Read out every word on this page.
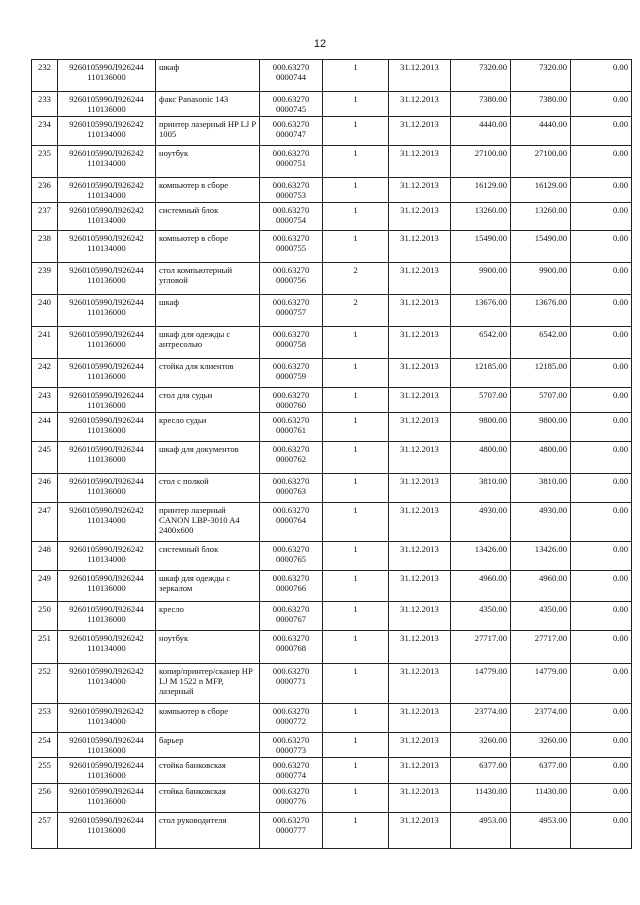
12
232	9260105990Л926244
110136000	шкаф	000.63270
0000744	1	31.12.2013	7320.00	7320.00	0.00
233	9260105990Л926244
110136000	факс Panasonic 143	000.63270
0000745	1	31.12.2013	7380.00	7380.00	0.00
234	9260105990Л926242
110134000	принтер лазерный HP LJ P 1005	000.63270
0000747	1	31.12.2013	4440.00	4440.00	0.00
235	9260105990Л926242
110134000	ноутбук	000.63270
0000751	1	31.12.2013	27100.00	27100.00	0.00
236	9260105990Л926242
110134000	компьютер в сборе	000.63270
0000753	1	31.12.2013	16129.00	16129.00	0.00
237	9260105990Л926242
110134000	системный блок	000.63270
0000754	1	31.12.2013	13260.00	13260.00	0.00
238	9260105990Л926242
110134000	компьютер в сборе	000.63270
0000755	1	31.12.2013	15490.00	15490.00	0.00
239	9260105990Л926244
110136000	стол компьютерный угловой	000.63270
0000756	2	31.12.2013	9900.00	9900.00	0.00
240	9260105990Л926244
110136000	шкаф	000.63270
0000757	2	31.12.2013	13676.00	13676.00	0.00
241	9260105990Л926244
110136000	шкаф для одежды с антресолью	000.63270
0000758	1	31.12.2013	6542.00	6542.00	0.00
242	9260105990Л926244
110136000	стойка для клиентов	000.63270
0000759	1	31.12.2013	12185.00	12185.00	0.00
243	9260105990Л926244
110136000	стол для судьи	000.63270
0000760	1	31.12.2013	5707.00	5707.00	0.00
244	9260105990Л926244
110136000	кресло судьи	000.63270
0000761	1	31.12.2013	9800.00	9800.00	0.00
245	9260105990Л926244
110136000	шкаф для документов	000.63270
0000762	1	31.12.2013	4800.00	4800.00	0.00
246	9260105990Л926244
110136000	стол с полкой	000.63270
0000763	1	31.12.2013	3810.00	3810.00	0.00
247	9260105990Л926242
110134000	принтер лазерный CANON LBP-3010 A4 2400x600	000.63270
0000764	1	31.12.2013	4930.00	4930.00	0.00
248	9260105990Л926242
110134000	системный блок	000.63270
0000765	1	31.12.2013	13426.00	13426.00	0.00
249	9260105990Л926244
110136000	шкаф для одежды с зеркалом	000.63270
0000766	1	31.12.2013	4960.00	4960.00	0.00
250	9260105990Л926244
110136000	кресло	000.63270
0000767	1	31.12.2013	4350.00	4350.00	0.00
251	9260105990Л926242
110134000	ноутбук	000.63270
0000768	1	31.12.2013	27717.00	27717.00	0.00
252	9260105990Л926242
110134000	копир/принтер/сканер HP LJ M 1522 n MFP, лазерный	000.63270
0000771	1	31.12.2013	14779.00	14779.00	0.00
253	9260105990Л926242
110134000	компьютер в сборе	000.63270
0000772	1	31.12.2013	23774.00	23774.00	0.00
254	9260105990Л926244
110136000	барьер	000.63270
0000773	1	31.12.2013	3260.00	3260.00	0.00
255	9260105990Л926244
110136000	стойка банковская	000.63270
0000774	1	31.12.2013	6377.00	6377.00	0.00
256	9260105990Л926244
110136000	стойка банковская	000.63270
0000776	1	31.12.2013	11430.00	11430.00	0.00
257	9260105990Л926244
110136000	стол руководителя	000.63270
0000777	1	31.12.2013	4953.00	4953.00	0.00
